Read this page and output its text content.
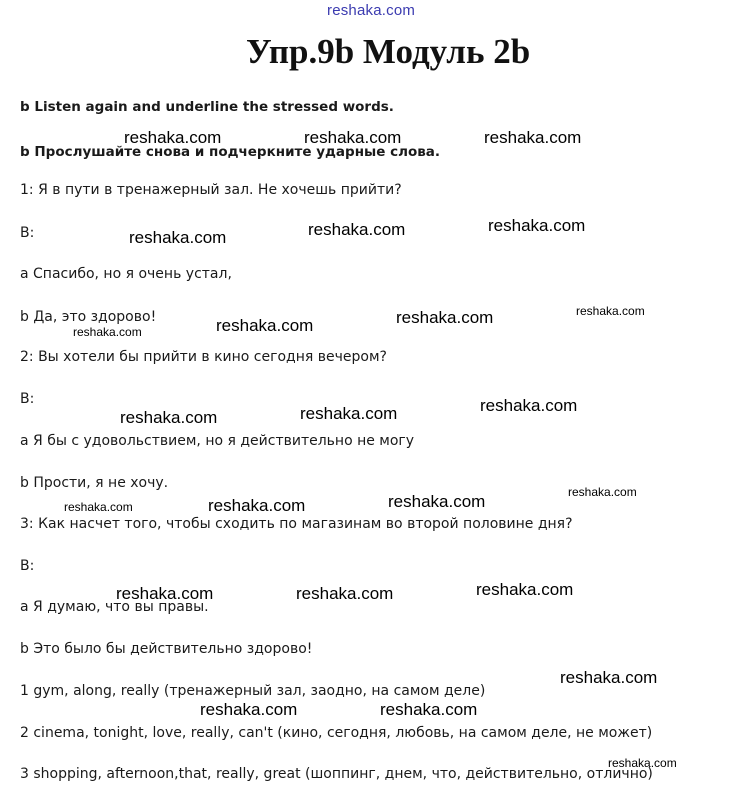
reshaka.com
Упр.9b Модуль 2b
b Listen again and underline the stressed words.
b Прослушайте снова и подчеркните ударные слова.
1: Я в пути в тренажерный зал. Не хочешь прийти?
B:
a Спасибо, но я очень устал,
b Да, это здорово!
2: Вы хотели бы прийти в кино сегодня вечером?
B:
a Я бы с удовольствием, но я действительно не могу
b Прости, я не хочу.
3: Как насчет того, чтобы сходить по магазинам во второй половине дня?
B:
a Я думаю, что вы правы.
b Это было бы действительно здорово!
1 gym, along, really (тренажерный зал, заодно, на самом деле)
2 cinema, tonight, love, really, can't (кино, сегодня, любовь, на самом деле, не может)
3 shopping, afternoon,that, really, great (шоппинг, днем, что, действительно, отлично)
reshaka.com	reshaka.com	reshaka.com
reshaka.com	reshaka.com	reshaka.com
reshaka.com
reshaka.com	reshaka.com	reshaka.com
reshaka.com	reshaka.com	reshaka.com
reshaka.com
reshaka.com	reshaka.com	reshaka.com
reshaka.com	reshaka.com	reshaka.com
reshaka.com
reshaka.com	reshaka.com
reshaka.com
